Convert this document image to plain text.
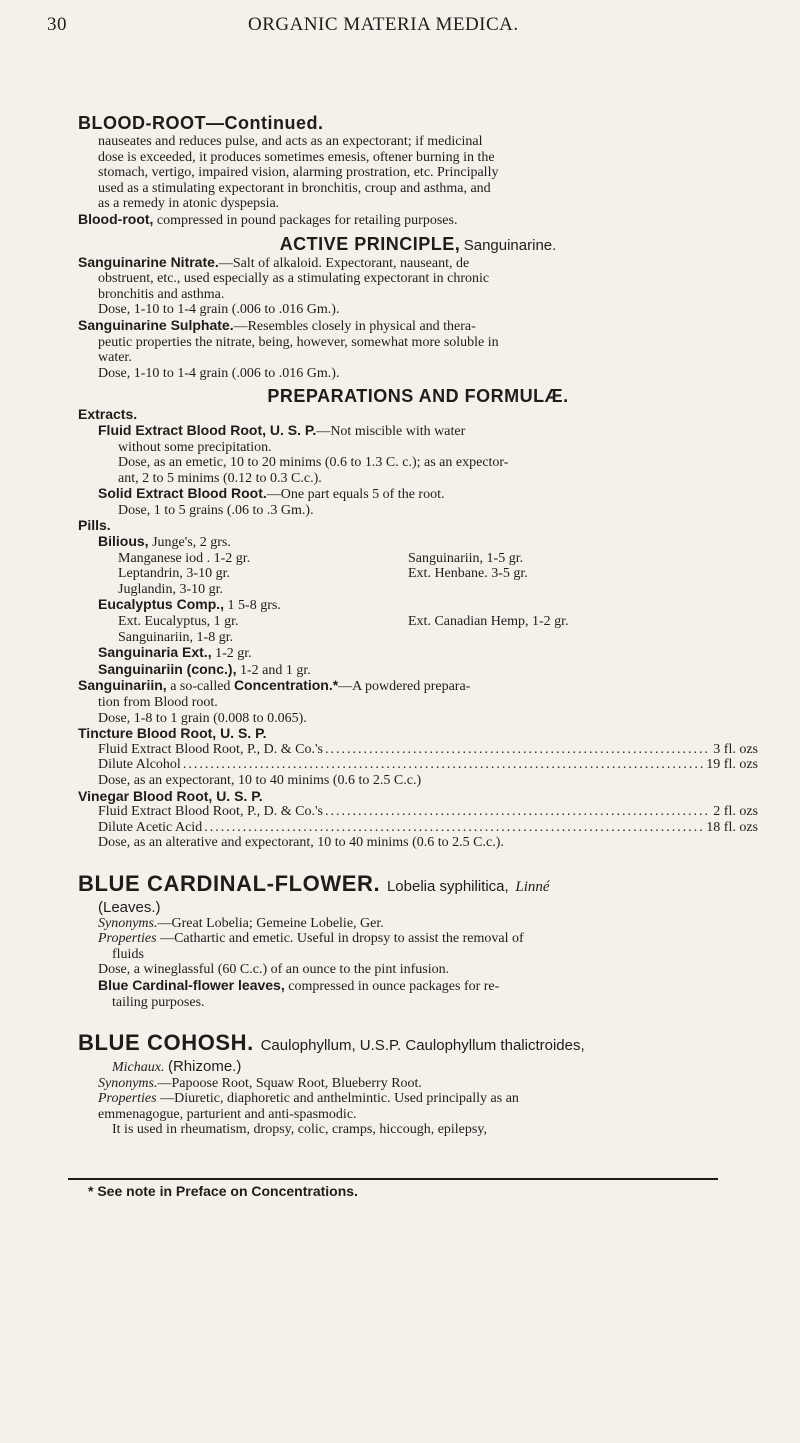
30	ORGANIC MATERIA MEDICA.
BLOOD-ROOT—Continued.
nauseates and reduces pulse, and acts as an expectorant; if medicinal
dose is exceeded, it produces sometimes emesis, oftener burning in the
stomach, vertigo, impaired vision, alarming prostration, etc. Principally
used as a stimulating expectorant in bronchitis, croup and asthma, and
as a remedy in atonic dyspepsia.
Blood-root, compressed in pound packages for retailing purposes.
ACTIVE PRINCIPLE, Sanguinarine.
Sanguinarine Nitrate.—Salt of alkaloid. Expectorant, nauseant, de
obstruent, etc., used especially as a stimulating expectorant in chronic
bronchitis and asthma.
Dose, 1-10 to 1-4 grain (.006 to .016 Gm.).
Sanguinarine Sulphate.—Resembles closely in physical and thera-
peutic properties the nitrate, being, however, somewhat more soluble in
water.
Dose, 1-10 to 1-4 grain (.006 to .016 Gm.).
PREPARATIONS AND FORMULÆ.
Extracts.
Fluid Extract Blood Root, U. S. P.—Not miscible with water
without some precipitation.
Dose, as an emetic, 10 to 20 minims (0.6 to 1.3 C. c.); as an expector-
ant, 2 to 5 minims (0.12 to 0.3 C.c.).
Solid Extract Blood Root.—One part equals 5 of the root.
Dose, 1 to 5 grains (.06 to .3 Gm.).
Pills.
Bilious, Junge's, 2 grs.
Manganese iod . 1-2 gr.	Sanguinariin, 1-5 gr.
Leptandrin, 3-10 gr.	Ext. Henbane. 3-5 gr.
Juglandin, 3-10 gr.
Eucalyptus Comp., 1 5-8 grs.
Ext. Eucalyptus, 1 gr.	Ext. Canadian Hemp, 1-2 gr.
Sanguinariin, 1-8 gr.
Sanguinaria Ext., 1-2 gr.
Sanguinariin (conc.), 1-2 and 1 gr.
Sanguinariin, a so-called Concentration.*—A powdered prepara-
tion from Blood root.
Dose, 1-8 to 1 grain (0.008 to 0.065).
Tincture Blood Root, U. S. P.
Fluid Extract Blood Root, P., D. & Co.'s .....	3 fl. ozs
Dilute Alcohol .....	19 fl. ozs
Dose, as an expectorant, 10 to 40 minims (0.6 to 2.5 C.c.)
Vinegar Blood Root, U. S. P.
Fluid Extract Blood Root, P., D. & Co.'s .....	2 fl. ozs
Dilute Acetic Acid .....	18 fl. ozs
Dose, as an alterative and expectorant, 10 to 40 minims (0.6 to 2.5 C.c.).
BLUE CARDINAL-FLOWER. Lobelia syphilitica, Linné
(Leaves.)
Synonyms.—Great Lobelia; Gemeine Lobelie, Ger.
Properties —Cathartic and emetic. Useful in dropsy to assist the removal of
fluids
Dose, a wineglassful (60 C.c.) of an ounce to the pint infusion.
Blue Cardinal-flower leaves, compressed in ounce packages for re-
tailing purposes.
BLUE COHOSH. Caulophyllum, U.S.P. Caulophyllum thalictroides,
Michaux. (Rhizome.)
Synonyms.—Papoose Root, Squaw Root, Blueberry Root.
Properties —Diuretic, diaphoretic and anthelmintic. Used principally as an
emmenagogue, parturient and anti-spasmodic.
It is used in rheumatism, dropsy, colic, cramps, hiccough, epilepsy,
* See note in Preface on Concentrations.
